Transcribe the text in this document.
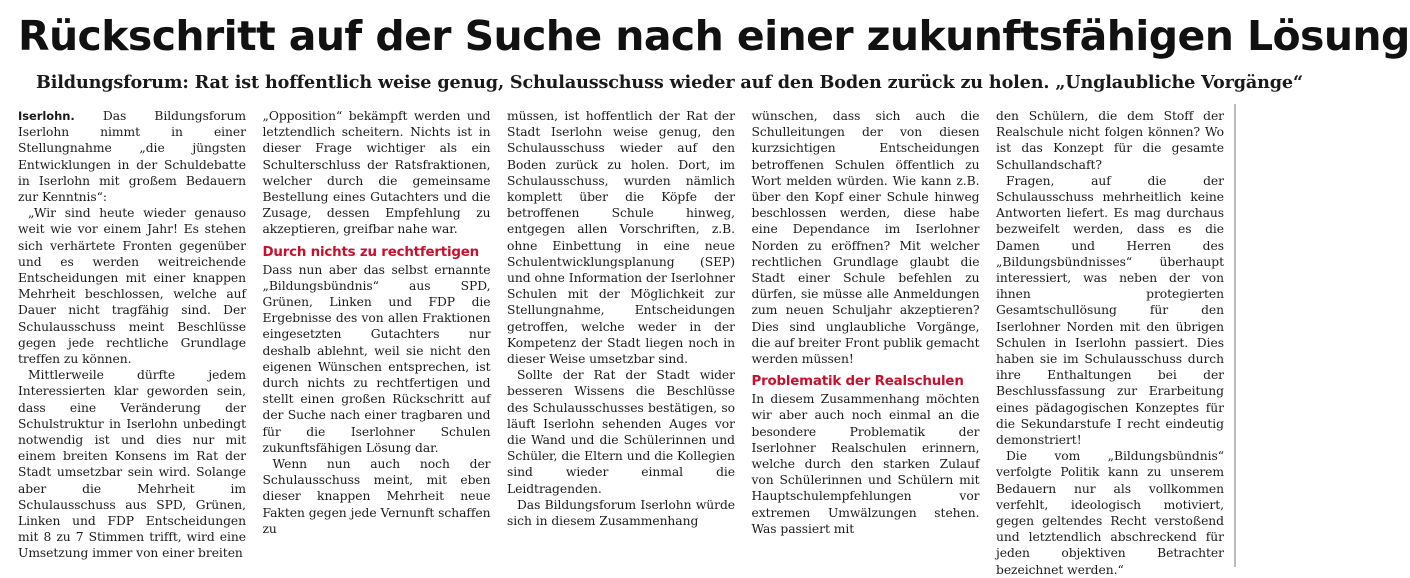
Rückschritt auf der Suche nach einer zukunftsfähigen Lösung
Bildungsforum: Rat ist hoffentlich weise genug, Schulausschuss wieder auf den Boden zurück zu holen. „Unglaubliche Vorgänge“

Iserlohn. Das Bildungsforum Iserlohn nimmt in einer Stellungnahme „die jüngsten Entwicklungen in der Schuldebatte in Iserlohn mit großem Bedauern zur Kenntnis“:

„Wir sind heute wieder genauso weit wie vor einem Jahr! Es stehen sich verhärtete Fronten gegenüber und es werden weitreichende Entscheidungen mit einer knappen Mehrheit beschlossen, welche auf Dauer nicht tragfähig sind. Der Schulausschuss meint Beschlüsse gegen jede rechtliche Grundlage treffen zu können.

Mittlerweile dürfte jedem Interessierten klar geworden sein, dass eine Veränderung der Schulstruktur in Iserlohn unbedingt notwendig ist und dies nur mit einem breiten Konsens im Rat der Stadt umsetzbar sein wird. Solange aber die Mehrheit im Schulausschuss aus SPD, Grünen, Linken und FDP Entscheidungen mit 8 zu 7 Stimmen trifft, wird eine Umsetzung immer von einer breiten

„Opposition“ bekämpft werden und letztendlich scheitern. Nichts ist in dieser Frage wichtiger als ein Schulterschluss der Ratsfraktionen, welcher durch die gemeinsame Bestellung eines Gutachters und die Zusage, dessen Empfehlung zu akzeptieren, greifbar nahe war.

Durch nichts zu rechtfertigen

Dass nun aber das selbst ernannte „Bildungsbündnis“ aus SPD, Grünen, Linken und FDP die Ergebnisse des von allen Fraktionen eingesetzten Gutachters nur deshalb ablehnt, weil sie nicht den eigenen Wünschen entsprechen, ist durch nichts zu rechtfertigen und stellt einen großen Rückschritt auf der Suche nach einer tragbaren und für die Iserlohner Schulen zukunftsfähigen Lösung dar.

Wenn nun auch noch der Schulausschuss meint, mit eben dieser knappen Mehrheit neue Fakten gegen jede Vernunft schaffen zu

müssen, ist hoffentlich der Rat der Stadt Iserlohn weise genug, den Schulausschuss wieder auf den Boden zurück zu holen. Dort, im Schulausschuss, wurden nämlich komplett über die Köpfe der betroffenen Schule hinweg, entgegen allen Vorschriften, z.B. ohne Einbettung in eine neue Schulentwicklungsplanung (SEP) und ohne Information der Iserlohner Schulen mit der Möglichkeit zur Stellungnahme, Entscheidungen getroffen, welche weder in der Kompetenz der Stadt liegen noch in dieser Weise umsetzbar sind.

Sollte der Rat der Stadt wider besseren Wissens die Beschlüsse des Schulausschusses bestätigen, so läuft Iserlohn sehenden Auges vor die Wand und die Schülerinnen und Schüler, die Eltern und die Kollegien sind wieder einmal die Leidtragenden.

Das Bildungsforum Iserlohn würde sich in diesem Zusammenhang

wünschen, dass sich auch die Schulleitungen der von diesen kurzsichtigen Entscheidungen betroffenen Schulen öffentlich zu Wort melden würden. Wie kann z.B. über den Kopf einer Schule hinweg beschlossen werden, diese habe eine Dependance im Iserlohner Norden zu eröffnen? Mit welcher rechtlichen Grundlage glaubt die Stadt einer Schule befehlen zu dürfen, sie müsse alle Anmeldungen zum neuen Schuljahr akzeptieren? Dies sind unglaubliche Vorgänge, die auf breiter Front publik gemacht werden müssen!

Problematik der Realschulen

In diesem Zusammenhang möchten wir aber auch noch einmal an die besondere Problematik der Iserlohner Realschulen erinnern, welche durch den starken Zulauf von Schülerinnen und Schülern mit Hauptschulempfehlungen vor extremen Umwälzungen stehen. Was passiert mit

den Schülern, die dem Stoff der Realschule nicht folgen können? Wo ist das Konzept für die gesamte Schullandschaft?

Fragen, auf die der Schulausschuss mehrheitlich keine Antworten liefert. Es mag durchaus bezweifelt werden, dass es die Damen und Herren des „Bildungsbündnisses“ überhaupt interessiert, was neben der von ihnen protegierten Gesamtschullösung für den Iserlohner Norden mit den übrigen Schulen in Iserlohn passiert. Dies haben sie im Schulausschuss durch ihre Enthaltungen bei der Beschlussfassung zur Erarbeitung eines pädagogischen Konzeptes für die Sekundarstufe I recht eindeutig demonstriert!

Die vom „Bildungsbündnis“ verfolgte Politik kann zu unserem Bedauern nur als vollkommen verfehlt, ideologisch motiviert, gegen geltendes Recht verstoßend und letztendlich abschreckend für jeden objektiven Betrachter bezeichnet werden.“
